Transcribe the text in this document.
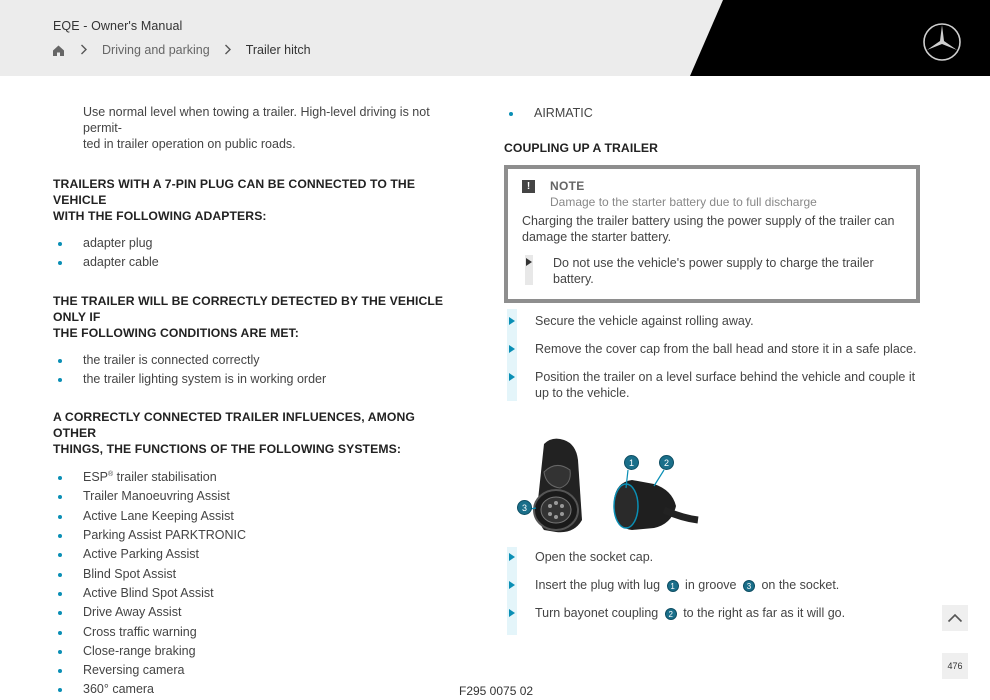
EQE - Owner's Manual
Driving and parking	Trailer hitch
Use normal level when towing a trailer. High-level driving is not permit-
ted in trailer operation on public roads.
TRAILERS WITH A 7-PIN PLUG CAN BE CONNECTED TO THE VEHICLE
WITH THE FOLLOWING ADAPTERS:
adapter plug
adapter cable
THE TRAILER WILL BE CORRECTLY DETECTED BY THE VEHICLE ONLY IF
THE FOLLOWING CONDITIONS ARE MET:
the trailer is connected correctly
the trailer lighting system is in working order
A CORRECTLY CONNECTED TRAILER INFLUENCES, AMONG OTHER
THINGS, THE FUNCTIONS OF THE FOLLOWING SYSTEMS:
ESP® trailer stabilisation
Trailer Manoeuvring Assist
Active Lane Keeping Assist
Parking Assist PARKTRONIC
Active Parking Assist
Blind Spot Assist
Active Blind Spot Assist
Drive Away Assist
Cross traffic warning
Close-range braking
Reversing camera
360° camera
AIRMATIC
COUPLING UP A TRAILER
!	NOTE
Damage to the starter battery due to full discharge
Charging the trailer battery using the power supply of the trailer can damage the starter battery.
Do not use the vehicle's power supply to charge the trailer battery.
Secure the vehicle against rolling away.
Remove the cover cap from the ball head and store it in a safe place.
Position the trailer on a level surface behind the vehicle and couple it up to the vehicle.
1	2
3
Open the socket cap.
Insert the plug with lug 1 in groove 3 on the socket.
Turn bayonet coupling 2 to the right as far as it will go.
F295 0075 02
476
